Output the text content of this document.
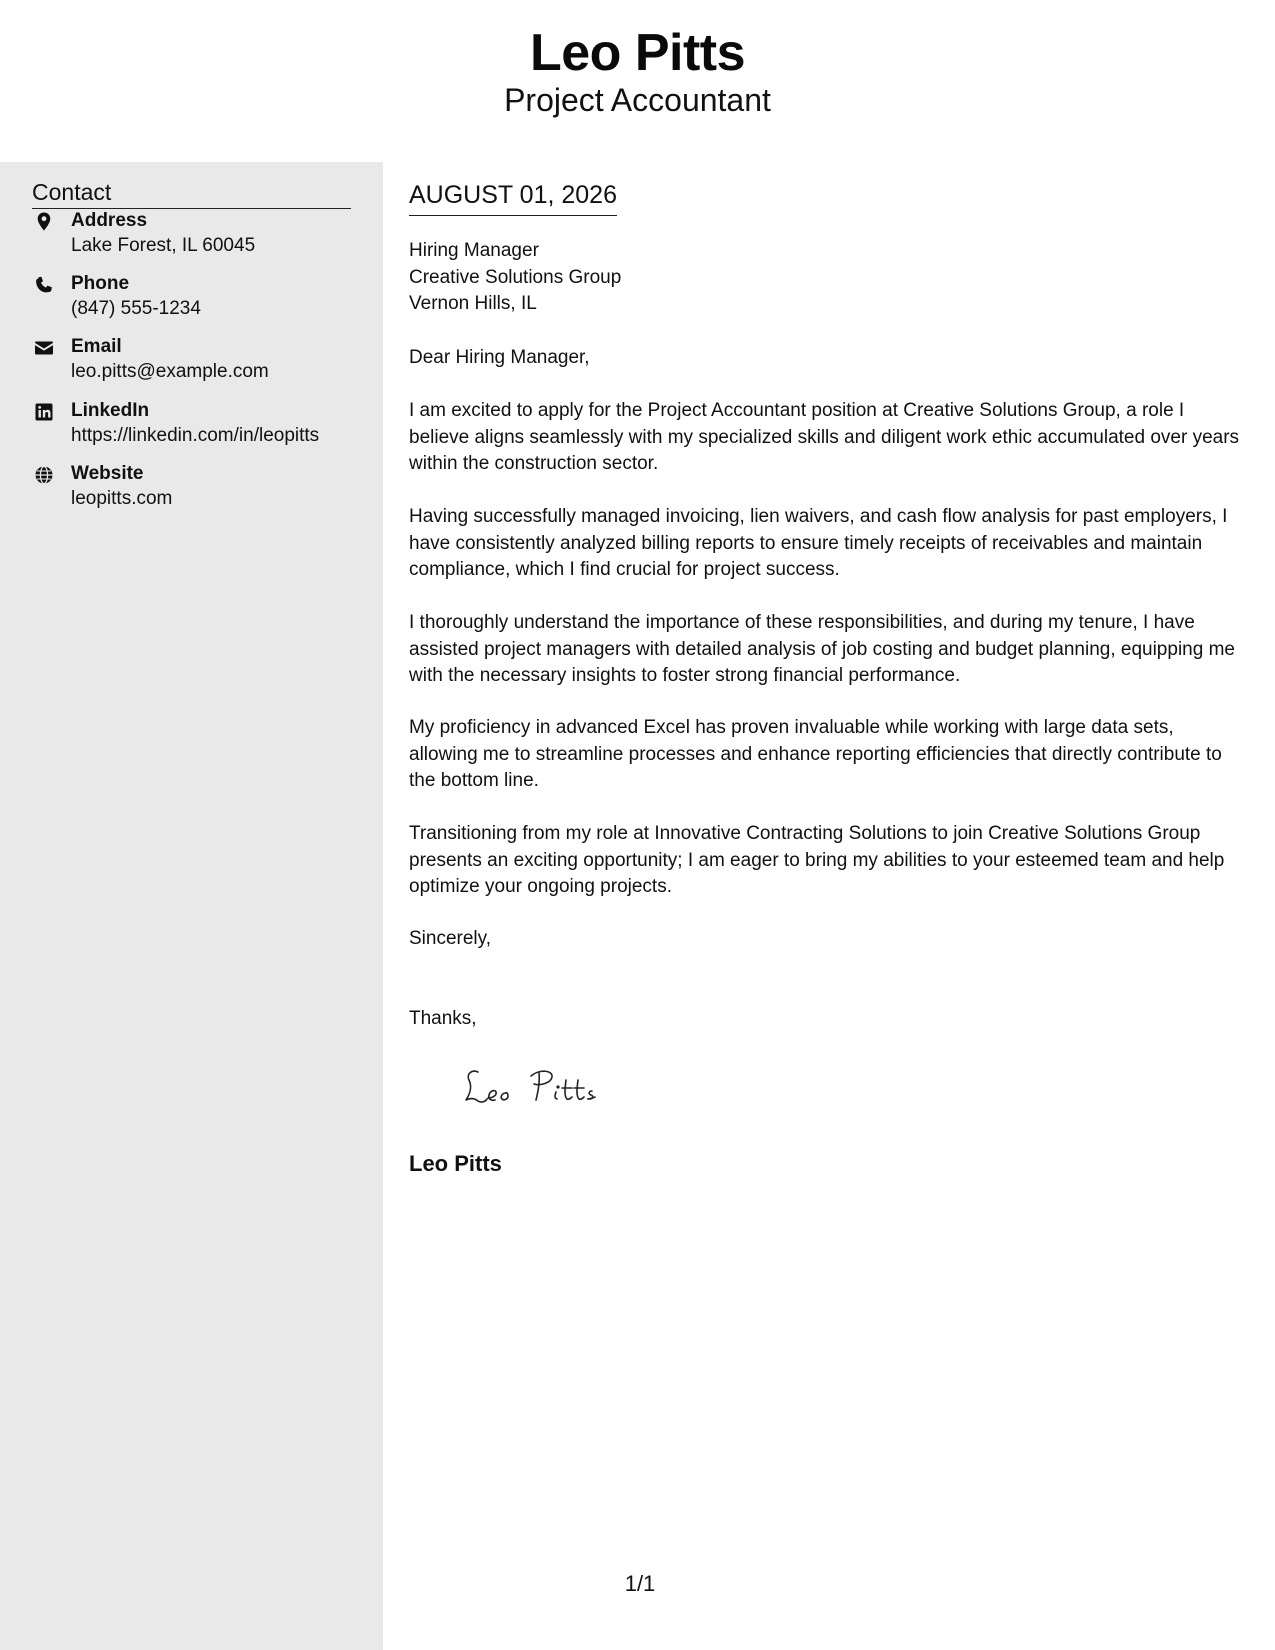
Leo Pitts
Project Accountant
Contact
Address
Lake Forest, IL 60045
Phone
(847) 555-1234
Email
leo.pitts@example.com
LinkedIn
https://linkedin.com/in/leopitts
Website
leopitts.com
AUGUST 01, 2026
Hiring Manager
Creative Solutions Group
Vernon Hills, IL
Dear Hiring Manager,
I am excited to apply for the Project Accountant position at Creative Solutions Group, a role I believe aligns seamlessly with my specialized skills and diligent work ethic accumulated over years within the construction sector.
Having successfully managed invoicing, lien waivers, and cash flow analysis for past employers, I have consistently analyzed billing reports to ensure timely receipts of receivables and maintain compliance, which I find crucial for project success.
I thoroughly understand the importance of these responsibilities, and during my tenure, I have assisted project managers with detailed analysis of job costing and budget planning, equipping me with the necessary insights to foster strong financial performance.
My proficiency in advanced Excel has proven invaluable while working with large data sets, allowing me to streamline processes and enhance reporting efficiencies that directly contribute to the bottom line.
Transitioning from my role at Innovative Contracting Solutions to join Creative Solutions Group presents an exciting opportunity; I am eager to bring my abilities to your esteemed team and help optimize your ongoing projects.
Sincerely,
Thanks,
Leo Pitts
1/1
